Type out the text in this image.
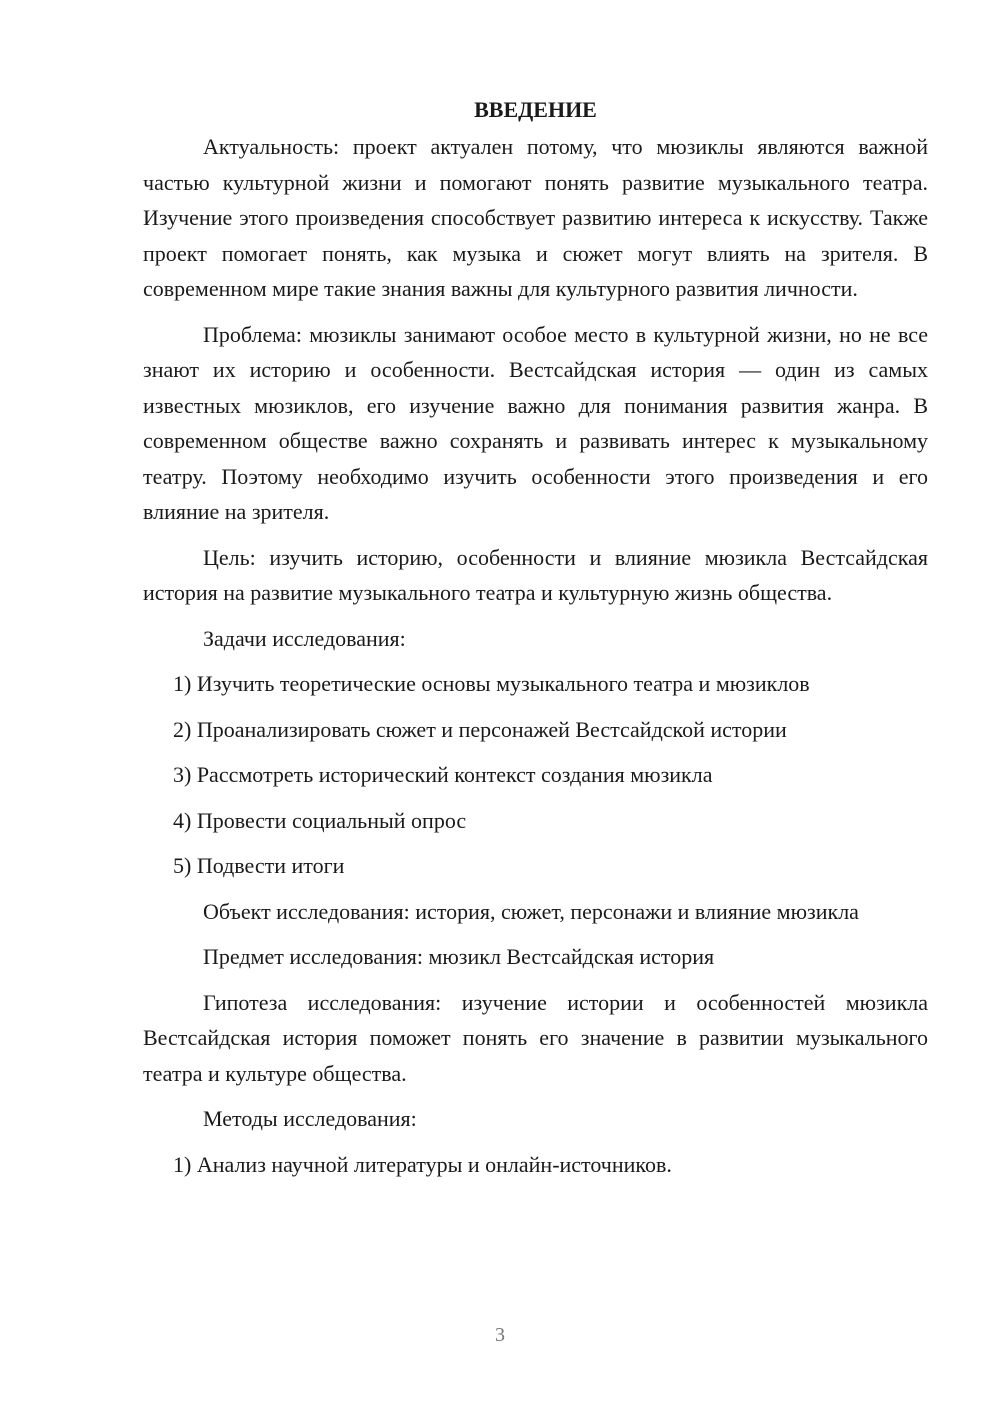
ВВЕДЕНИЕ

Актуальность: проект актуален потому, что мюзиклы являются важной частью культурной жизни и помогают понять развитие музыкального театра. Изучение этого произведения способствует развитию интереса к искусству. Также проект помогает понять, как музыка и сюжет могут влиять на зрителя. В современном мире такие знания важны для культурного развития личности.

Проблема: мюзиклы занимают особое место в культурной жизни, но не все знают их историю и особенности. Вестсайдская история — один из самых известных мюзиклов, его изучение важно для понимания развития жанра. В современном обществе важно сохранять и развивать интерес к музыкальному театру. Поэтому необходимо изучить особенности этого произведения и его влияние на зрителя.

Цель: изучить историю, особенности и влияние мюзикла Вестсайдская история на развитие музыкального театра и культурную жизнь общества.

Задачи исследования:

1) Изучить теоретические основы музыкального театра и мюзиклов
2) Проанализировать сюжет и персонажей Вестсайдской истории
3) Рассмотреть исторический контекст создания мюзикла
4) Провести социальный опрос
5) Подвести итоги

Объект исследования: история, сюжет, персонажи и влияние мюзикла

Предмет исследования: мюзикл Вестсайдская история

Гипотеза исследования: изучение истории и особенностей мюзикла Вестсайдская история поможет понять его значение в развитии музыкального театра и культуре общества.

Методы исследования:

1) Анализ научной литературы и онлайн-источников.
3
